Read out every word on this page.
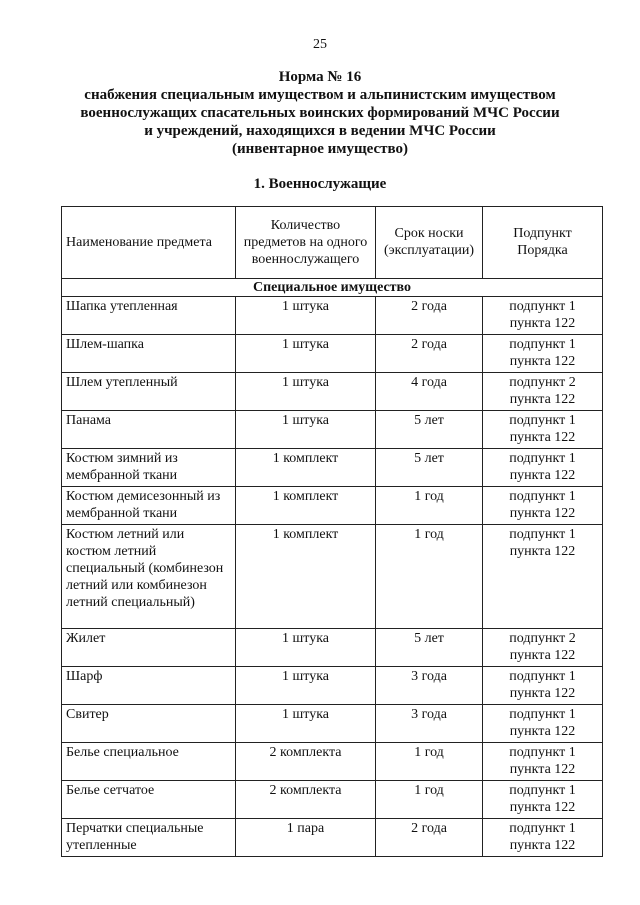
25
Норма № 16
снабжения специальным имуществом и альпинистским имуществом
военнослужащих спасательных воинских формирований МЧС России
и учреждений, находящихся в ведении МЧС России
(инвентарное имущество)
1. Военнослужащие
Наименование предмета	Количество предметов на одного военнослужащего	Срок носки (эксплуатации)	Подпункт Порядка
Специальное имущество			
Шапка утепленная	1 штука	2 года	подпункт 1 пункта 122
Шлем-шапка	1 штука	2 года	подпункт 1 пункта 122
Шлем утепленный	1 штука	4 года	подпункт 2 пункта 122
Панама	1 штука	5 лет	подпункт 1 пункта 122
Костюм зимний из мембранной ткани	1 комплект	5 лет	подпункт 1 пункта 122
Костюм демисезонный из мембранной ткани	1 комплект	1 год	подпункт 1 пункта 122
Костюм летний или костюм летний специальный (комбинезон летний или комбинезон летний специальный)	1 комплект	1 год	подпункт 1 пункта 122
Жилет	1 штука	5 лет	подпункт 2 пункта 122
Шарф	1 штука	3 года	подпункт 1 пункта 122
Свитер	1 штука	3 года	подпункт 1 пункта 122
Белье специальное	2 комплекта	1 год	подпункт 1 пункта 122
Белье сетчатое	2 комплекта	1 год	подпункт 1 пункта 122
Перчатки специальные утепленные	1 пара	2 года	подпункт 1 пункта 122
